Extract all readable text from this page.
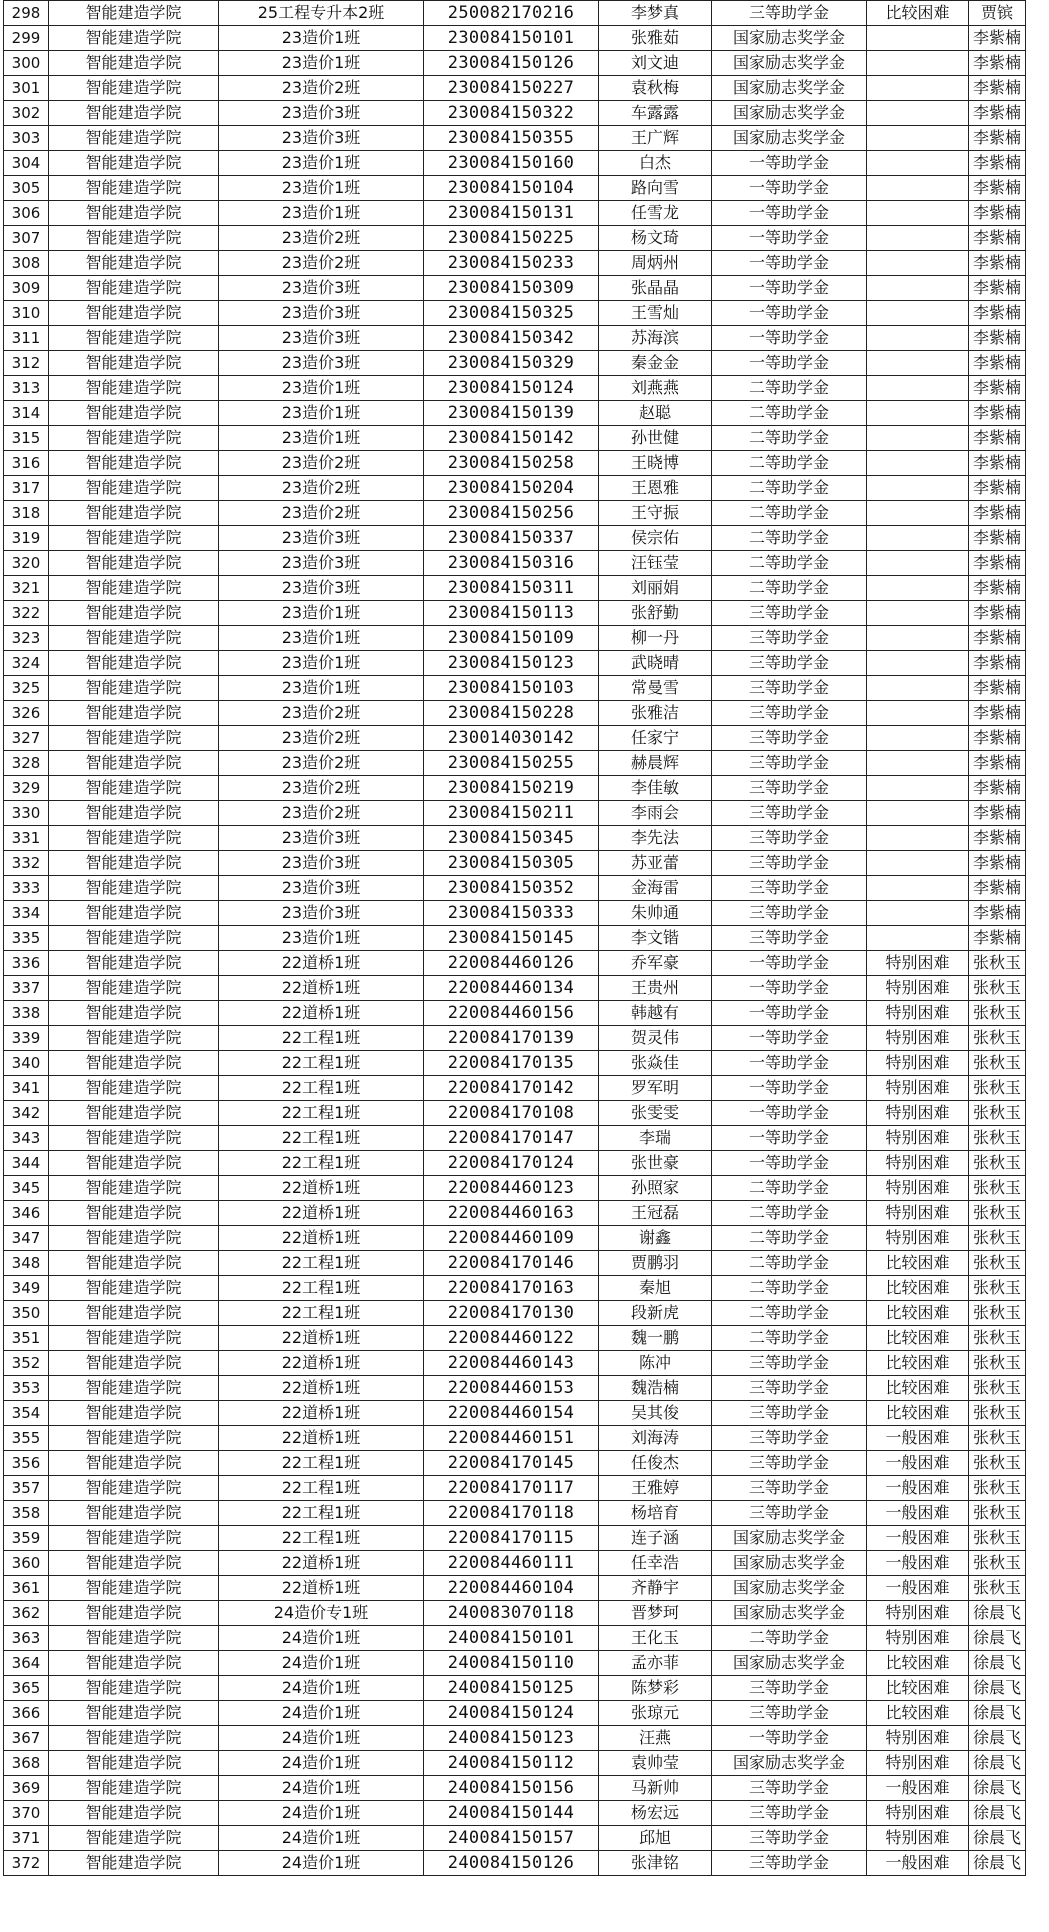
298	智能建造学院	25工程专升本2班	250082170216	李梦真	三等助学金	比较困难	贾镔
299	智能建造学院	23造价1班	230084150101	张雅茹	国家励志奖学金		李紫楠
300	智能建造学院	23造价1班	230084150126	刘文迪	国家励志奖学金		李紫楠
301	智能建造学院	23造价2班	230084150227	袁秋梅	国家励志奖学金		李紫楠
302	智能建造学院	23造价3班	230084150322	车露露	国家励志奖学金		李紫楠
303	智能建造学院	23造价3班	230084150355	王广辉	国家励志奖学金		李紫楠
304	智能建造学院	23造价1班	230084150160	白杰	一等助学金		李紫楠
305	智能建造学院	23造价1班	230084150104	路向雪	一等助学金		李紫楠
306	智能建造学院	23造价1班	230084150131	任雪龙	一等助学金		李紫楠
307	智能建造学院	23造价2班	230084150225	杨文琦	一等助学金		李紫楠
308	智能建造学院	23造价2班	230084150233	周炳州	一等助学金		李紫楠
309	智能建造学院	23造价3班	230084150309	张晶晶	一等助学金		李紫楠
310	智能建造学院	23造价3班	230084150325	王雪灿	一等助学金		李紫楠
311	智能建造学院	23造价3班	230084150342	苏海滨	一等助学金		李紫楠
312	智能建造学院	23造价3班	230084150329	秦金金	一等助学金		李紫楠
313	智能建造学院	23造价1班	230084150124	刘燕燕	二等助学金		李紫楠
314	智能建造学院	23造价1班	230084150139	赵聪	二等助学金		李紫楠
315	智能建造学院	23造价1班	230084150142	孙世健	二等助学金		李紫楠
316	智能建造学院	23造价2班	230084150258	王晓博	二等助学金		李紫楠
317	智能建造学院	23造价2班	230084150204	王恩雅	二等助学金		李紫楠
318	智能建造学院	23造价2班	230084150256	王守振	二等助学金		李紫楠
319	智能建造学院	23造价3班	230084150337	侯宗佑	二等助学金		李紫楠
320	智能建造学院	23造价3班	230084150316	汪钰莹	二等助学金		李紫楠
321	智能建造学院	23造价3班	230084150311	刘丽娟	二等助学金		李紫楠
322	智能建造学院	23造价1班	230084150113	张舒勤	三等助学金		李紫楠
323	智能建造学院	23造价1班	230084150109	柳一丹	三等助学金		李紫楠
324	智能建造学院	23造价1班	230084150123	武晓晴	三等助学金		李紫楠
325	智能建造学院	23造价1班	230084150103	常曼雪	三等助学金		李紫楠
326	智能建造学院	23造价2班	230084150228	张雅洁	三等助学金		李紫楠
327	智能建造学院	23造价2班	230014030142	任家宁	三等助学金		李紫楠
328	智能建造学院	23造价2班	230084150255	赫晨辉	三等助学金		李紫楠
329	智能建造学院	23造价2班	230084150219	李佳敏	三等助学金		李紫楠
330	智能建造学院	23造价2班	230084150211	李雨会	三等助学金		李紫楠
331	智能建造学院	23造价3班	230084150345	李先法	三等助学金		李紫楠
332	智能建造学院	23造价3班	230084150305	苏亚蕾	三等助学金		李紫楠
333	智能建造学院	23造价3班	230084150352	金海雷	三等助学金		李紫楠
334	智能建造学院	23造价3班	230084150333	朱帅通	三等助学金		李紫楠
335	智能建造学院	23造价1班	230084150145	李文锴	三等助学金		李紫楠
336	智能建造学院	22道桥1班	220084460126	乔军豪	一等助学金	特别困难	张秋玉
337	智能建造学院	22道桥1班	220084460134	王贵州	一等助学金	特别困难	张秋玉
338	智能建造学院	22道桥1班	220084460156	韩越有	一等助学金	特别困难	张秋玉
339	智能建造学院	22工程1班	220084170139	贺灵伟	一等助学金	特别困难	张秋玉
340	智能建造学院	22工程1班	220084170135	张焱佳	一等助学金	特别困难	张秋玉
341	智能建造学院	22工程1班	220084170142	罗军明	一等助学金	特别困难	张秋玉
342	智能建造学院	22工程1班	220084170108	张雯雯	一等助学金	特别困难	张秋玉
343	智能建造学院	22工程1班	220084170147	李瑞	一等助学金	特别困难	张秋玉
344	智能建造学院	22工程1班	220084170124	张世豪	一等助学金	特别困难	张秋玉
345	智能建造学院	22道桥1班	220084460123	孙照家	二等助学金	特别困难	张秋玉
346	智能建造学院	22道桥1班	220084460163	王冠磊	二等助学金	特别困难	张秋玉
347	智能建造学院	22道桥1班	220084460109	谢鑫	二等助学金	特别困难	张秋玉
348	智能建造学院	22工程1班	220084170146	贾鹏羽	二等助学金	比较困难	张秋玉
349	智能建造学院	22工程1班	220084170163	秦旭	二等助学金	比较困难	张秋玉
350	智能建造学院	22工程1班	220084170130	段新虎	二等助学金	比较困难	张秋玉
351	智能建造学院	22道桥1班	220084460122	魏一鹏	二等助学金	比较困难	张秋玉
352	智能建造学院	22道桥1班	220084460143	陈冲	三等助学金	比较困难	张秋玉
353	智能建造学院	22道桥1班	220084460153	魏浩楠	三等助学金	比较困难	张秋玉
354	智能建造学院	22道桥1班	220084460154	吴其俊	三等助学金	比较困难	张秋玉
355	智能建造学院	22道桥1班	220084460151	刘海涛	三等助学金	一般困难	张秋玉
356	智能建造学院	22工程1班	220084170145	任俊杰	三等助学金	一般困难	张秋玉
357	智能建造学院	22工程1班	220084170117	王雅婷	三等助学金	一般困难	张秋玉
358	智能建造学院	22工程1班	220084170118	杨培育	三等助学金	一般困难	张秋玉
359	智能建造学院	22工程1班	220084170115	连子涵	国家励志奖学金	一般困难	张秋玉
360	智能建造学院	22道桥1班	220084460111	任幸浩	国家励志奖学金	一般困难	张秋玉
361	智能建造学院	22道桥1班	220084460104	齐静宇	国家励志奖学金	一般困难	张秋玉
362	智能建造学院	24造价专1班	240083070118	晋梦珂	国家励志奖学金	特别困难	徐晨飞
363	智能建造学院	24造价1班	240084150101	王化玉	二等助学金	特别困难	徐晨飞
364	智能建造学院	24造价1班	240084150110	孟亦菲	国家励志奖学金	比较困难	徐晨飞
365	智能建造学院	24造价1班	240084150125	陈梦彩	三等助学金	比较困难	徐晨飞
366	智能建造学院	24造价1班	240084150124	张琼元	三等助学金	比较困难	徐晨飞
367	智能建造学院	24造价1班	240084150123	汪燕	一等助学金	特别困难	徐晨飞
368	智能建造学院	24造价1班	240084150112	袁帅莹	国家励志奖学金	特别困难	徐晨飞
369	智能建造学院	24造价1班	240084150156	马新帅	三等助学金	一般困难	徐晨飞
370	智能建造学院	24造价1班	240084150144	杨宏远	三等助学金	特别困难	徐晨飞
371	智能建造学院	24造价1班	240084150157	邱旭	三等助学金	特别困难	徐晨飞
372	智能建造学院	24造价1班	240084150126	张津铭	三等助学金	一般困难	徐晨飞
